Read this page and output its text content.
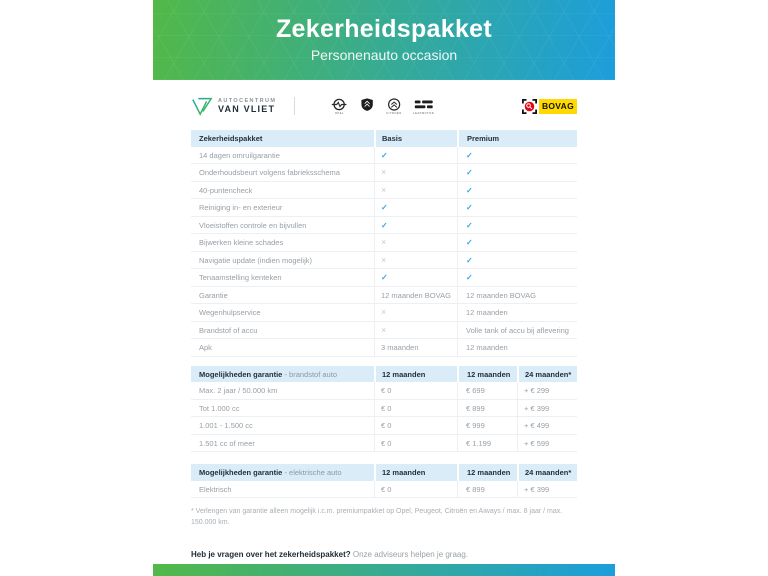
Zekerheidspakket
Personenauto occasion
AUTOCENTRUM
VAN VLIET	OPEL	CITROËN	LEAPMOTOR
BOVAG
Zekerheidspakket	Basis	Premium
14 dagen omruilgarantie	✓	✓
Onderhoudsbeurt volgens fabrieksschema	×	✓
40-puntencheck	×	✓
Reiniging in- en exterieur	✓	✓
Vloeistoffen controle en bijvullen	✓	✓
Bijwerken kleine schades	×	✓
Navigatie update (indien mogelijk)	×	✓
Tenaamstelling kenteken	✓	✓
Garantie	12 maanden BOVAG	12 maanden BOVAG
Wegenhulpservice	×	12 maanden
Brandstof of accu	×	Volle tank of accu bij aflevering
Apk	3 maanden	12 maanden
Mogelijkheden garantie - brandstof auto	12 maanden	12 maanden	24 maanden*
Max. 2 jaar / 50.000 km	€ 0	€ 699	+ € 299
Tot 1.000 cc	€ 0	€ 899	+ € 399
1.001 - 1.500 cc	€ 0	€ 999	+ € 499
1.501 cc of meer	€ 0	€ 1.199	+ € 599
Mogelijkheden garantie - elektrische auto	12 maanden	12 maanden	24 maanden*
Elektrisch	€ 0	€ 899	+ € 399
* Verlengen van garantie alleen mogelijk i.c.m. premiumpakket op Opel, Peugeot, Citroën en Aiways / max. 8 jaar / max. 150.000 km.
Heb je vragen over het zekerheidspakket? Onze adviseurs helpen je graag.
